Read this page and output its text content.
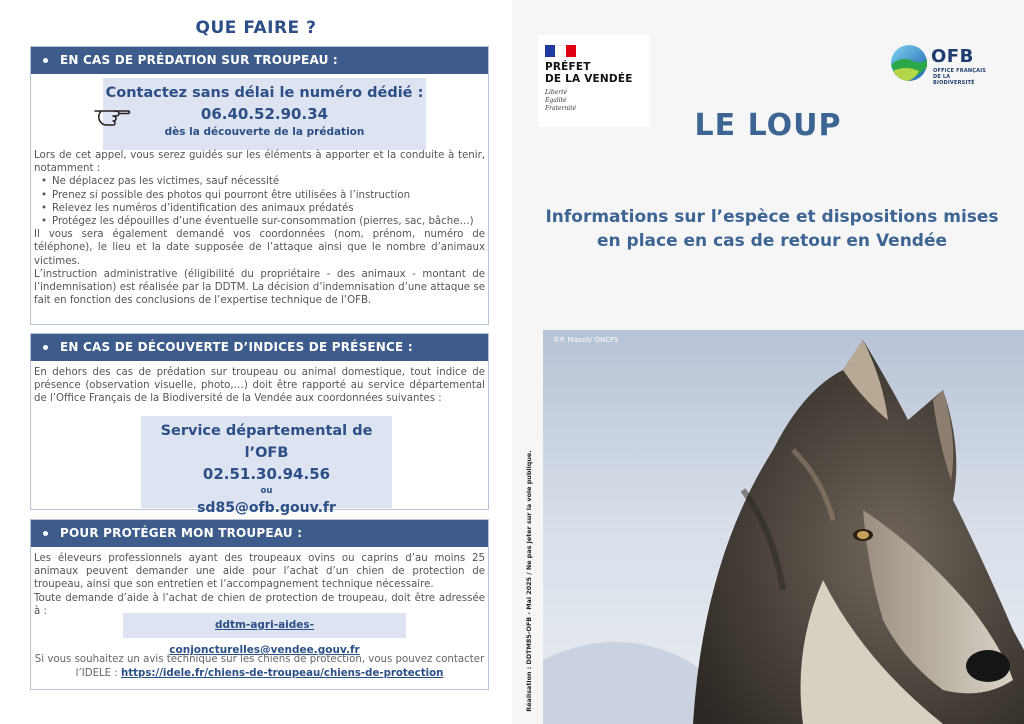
QUE FAIRE ?
EN CAS DE PRÉDATION SUR TROUPEAU :
Contactez sans délai le numéro dédié :
06.40.52.90.34
dès la découverte de la prédation
Lors de cet appel, vous serez guidés sur les éléments à apporter et la conduite à tenir, notamment :
• Ne déplacez pas les victimes, sauf nécessité
• Prenez si possible des photos qui pourront être utilisées à l’instruction
• Relevez les numéros d’identification des animaux prédatés
• Protégez les dépouilles d’une éventuelle sur-consommation (pierres, sac, bâche…)
Il vous sera également demandé vos coordonnées (nom, prénom, numéro de téléphone), le lieu et la date supposée de l’attaque ainsi que le nombre d’animaux victimes.
L’instruction administrative (éligibilité du propriétaire - des animaux - montant de l’indemnisation) est réalisée par la DDTM. La décision d’indemnisation d’une attaque se fait en fonction des conclusions de l’expertise technique de l’OFB.
EN CAS DE DÉCOUVERTE D’INDICES DE PRÉSENCE :
En dehors des cas de prédation sur troupeau ou animal domestique, tout indice de présence (observation visuelle, photo,…) doit être rapporté au service départemental de l’Office Français de la Biodiversité de la Vendée aux coordonnées suivantes :
Service départemental de l’OFB
02.51.30.94.56
ou
sd85@ofb.gouv.fr
POUR PROTÉGER MON TROUPEAU :
Les éleveurs professionnels ayant des troupeaux ovins ou caprins d’au moins 25 animaux peuvent demander une aide pour l’achat d’un chien de protection de troupeau, ainsi que son entretien et l’accompagnement technique nécessaire.
Toute demande d’aide à l’achat de chien de protection de troupeau, doit être adressée à :
ddtm-agri-aides-conjoncturelles@vendee.gouv.fr
Si vous souhaitez un avis technique sur les chiens de protection, vous pouvez contacter l’IDELE : https://idele.fr/chiens-de-troupeau/chiens-de-protection
PRÉFET
DE LA VENDÉE
Liberté
Égalité
Fraternité
OFB
OFFICE FRANÇAIS
DE LA BIODIVERSITÉ
LE LOUP
Informations sur l’espèce et dispositions mises
en place en cas de retour en Vendée
Réalisation : DDTM85-OFB - Mai 2025 / Ne pas jeter sur la voie publique.
©P. Massit/ ONCFS
